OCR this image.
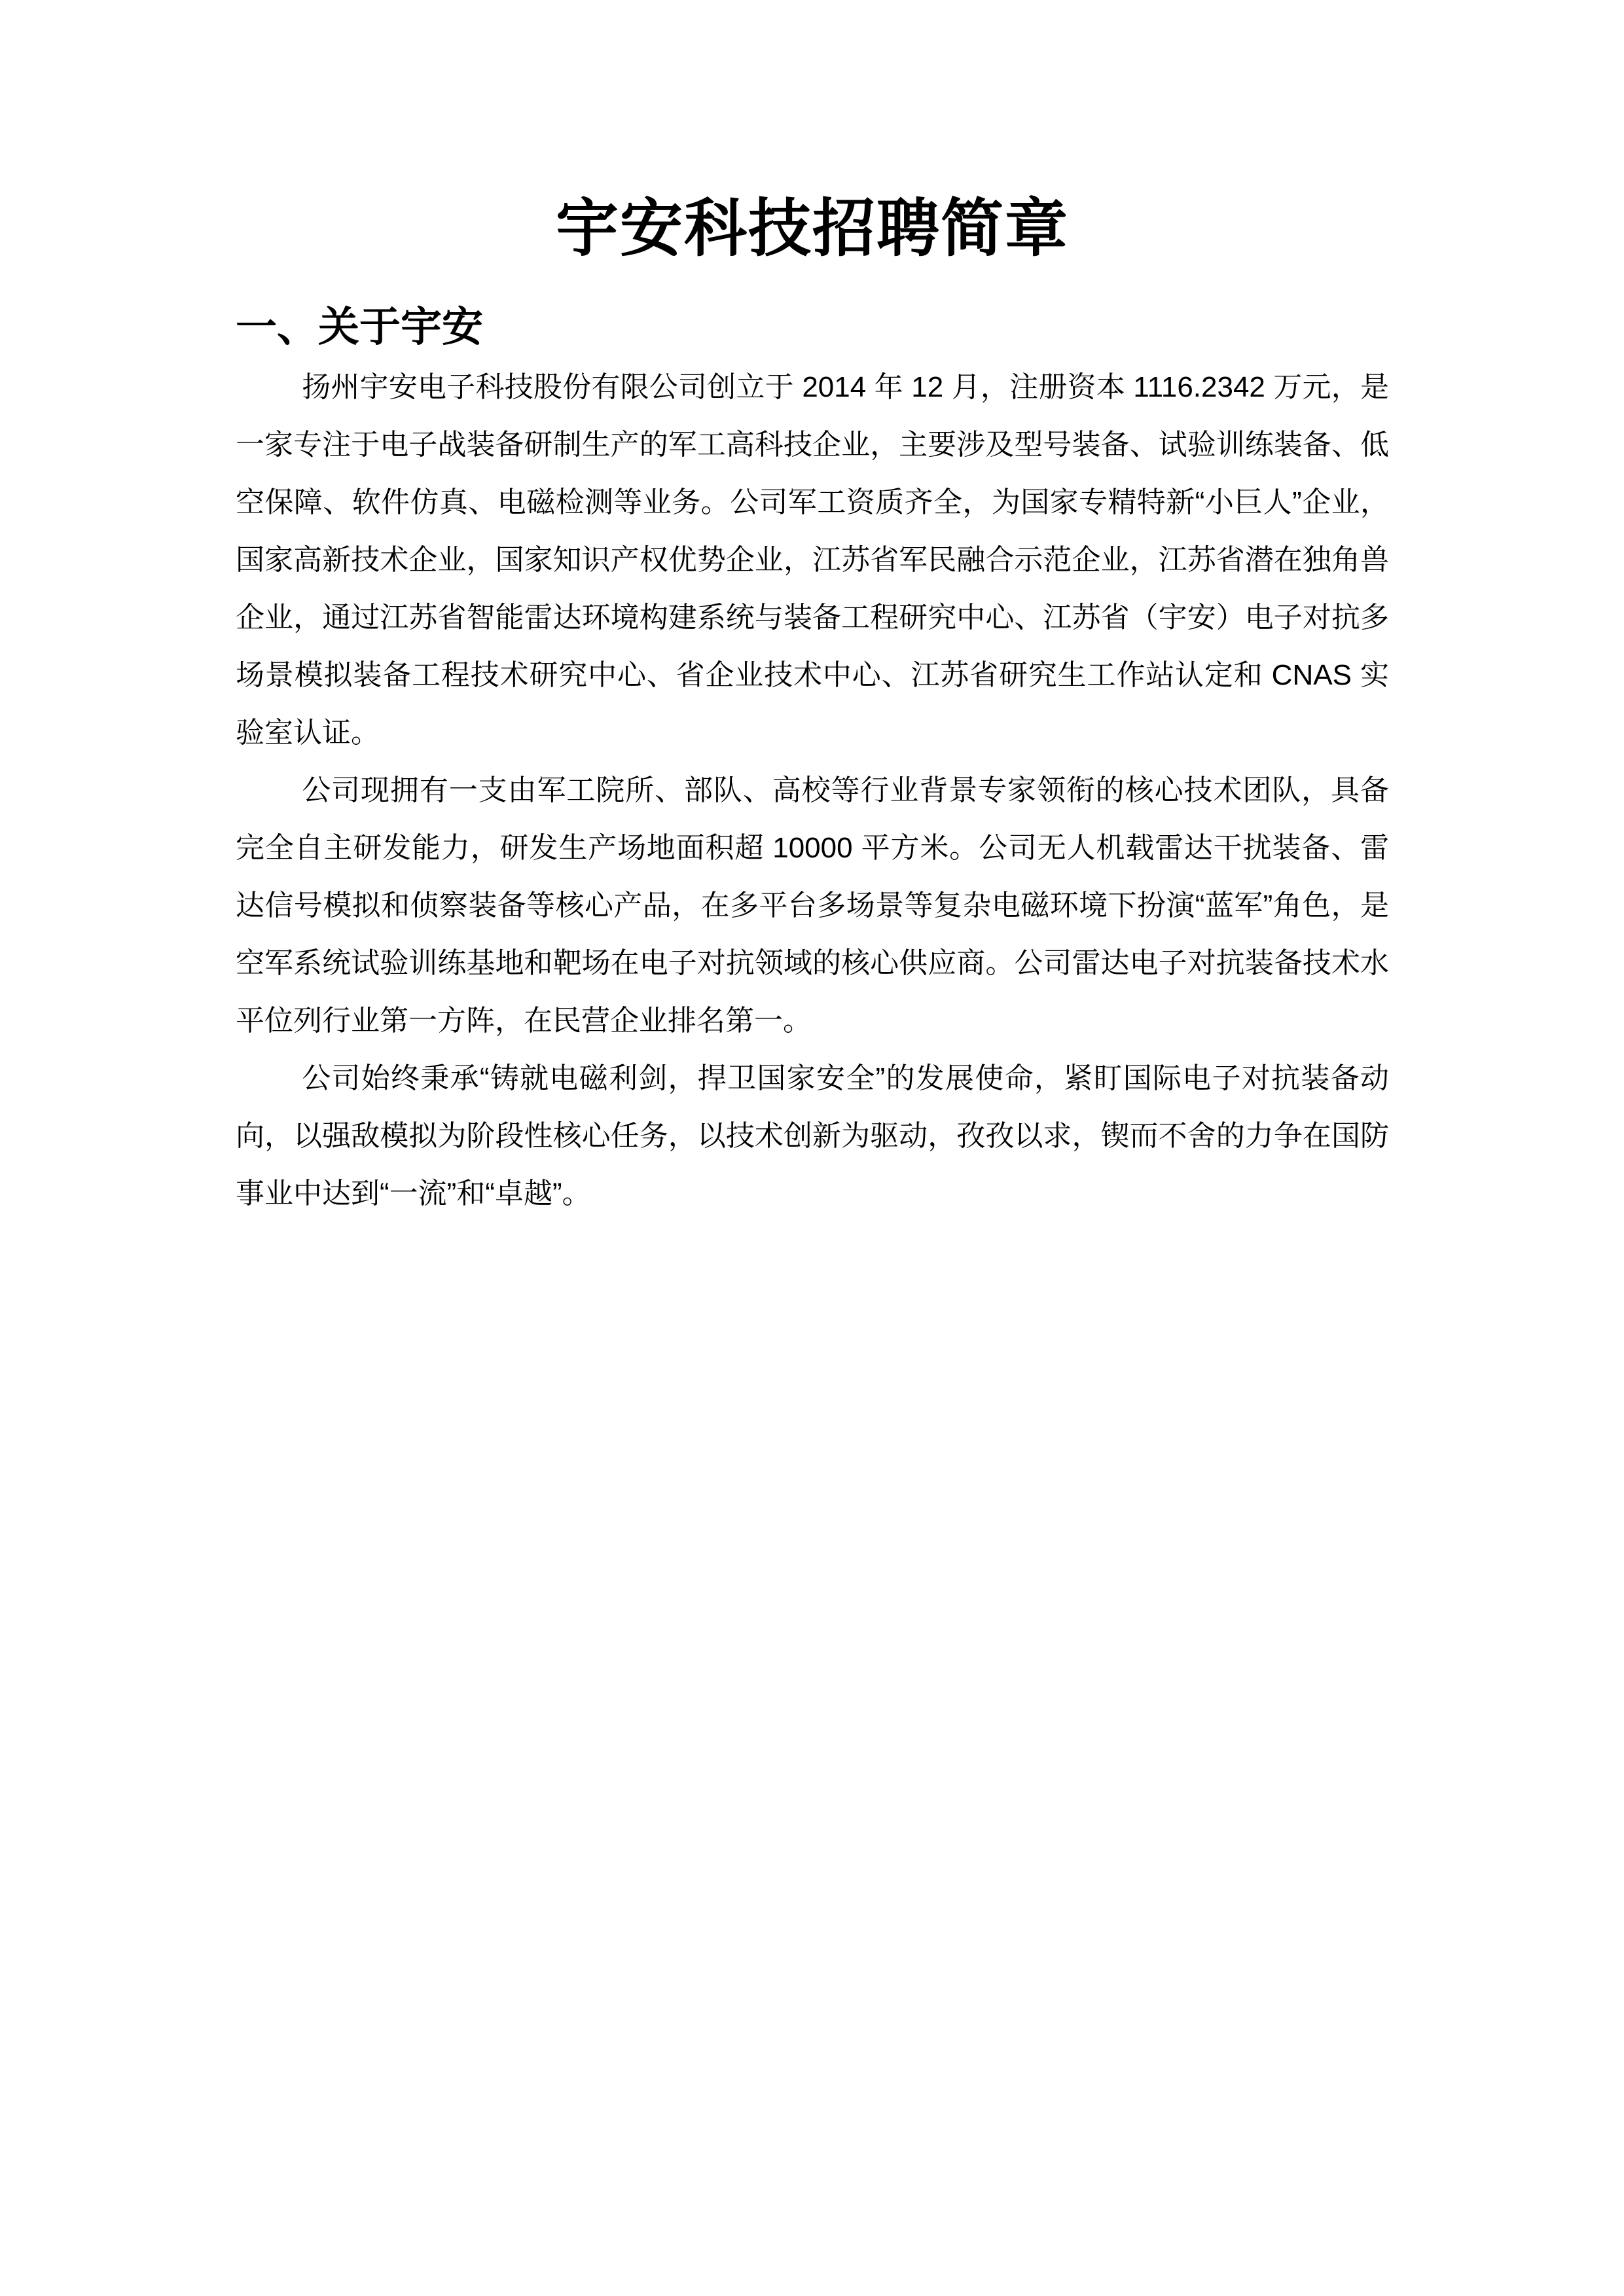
宇安科技招聘简章
一、关于宇安

扬州宇安电子科技股份有限公司创立于 2014 年 12 月，注册资本 1116.2342 万元，是一家专注于电子战装备研制生产的军工高科技企业，主要涉及型号装备、试验训练装备、低空保障、软件仿真、电磁检测等业务。公司军工资质齐全，为国家专精特新“小巨人”企业，国家高新技术企业，国家知识产权优势企业，江苏省军民融合示范企业，江苏省潜在独角兽企业，通过江苏省智能雷达环境构建系统与装备工程研究中心、江苏省（宇安）电子对抗多场景模拟装备工程技术研究中心、省企业技术中心、江苏省研究生工作站认定和 CNAS 实验室认证。

公司现拥有一支由军工院所、部队、高校等行业背景专家领衔的核心技术团队，具备完全自主研发能力，研发生产场地面积超 10000 平方米。公司无人机载雷达干扰装备、雷达信号模拟和侦察装备等核心产品，在多平台多场景等复杂电磁环境下扮演“蓝军”角色，是空军系统试验训练基地和靶场在电子对抗领域的核心供应商。公司雷达电子对抗装备技术水平位列行业第一方阵，在民营企业排名第一。

公司始终秉承“铸就电磁利剑，捍卫国家安全”的发展使命，紧盯国际电子对抗装备动向，以强敌模拟为阶段性核心任务，以技术创新为驱动，孜孜以求，锲而不舍的力争在国防事业中达到“一流”和“卓越”。
